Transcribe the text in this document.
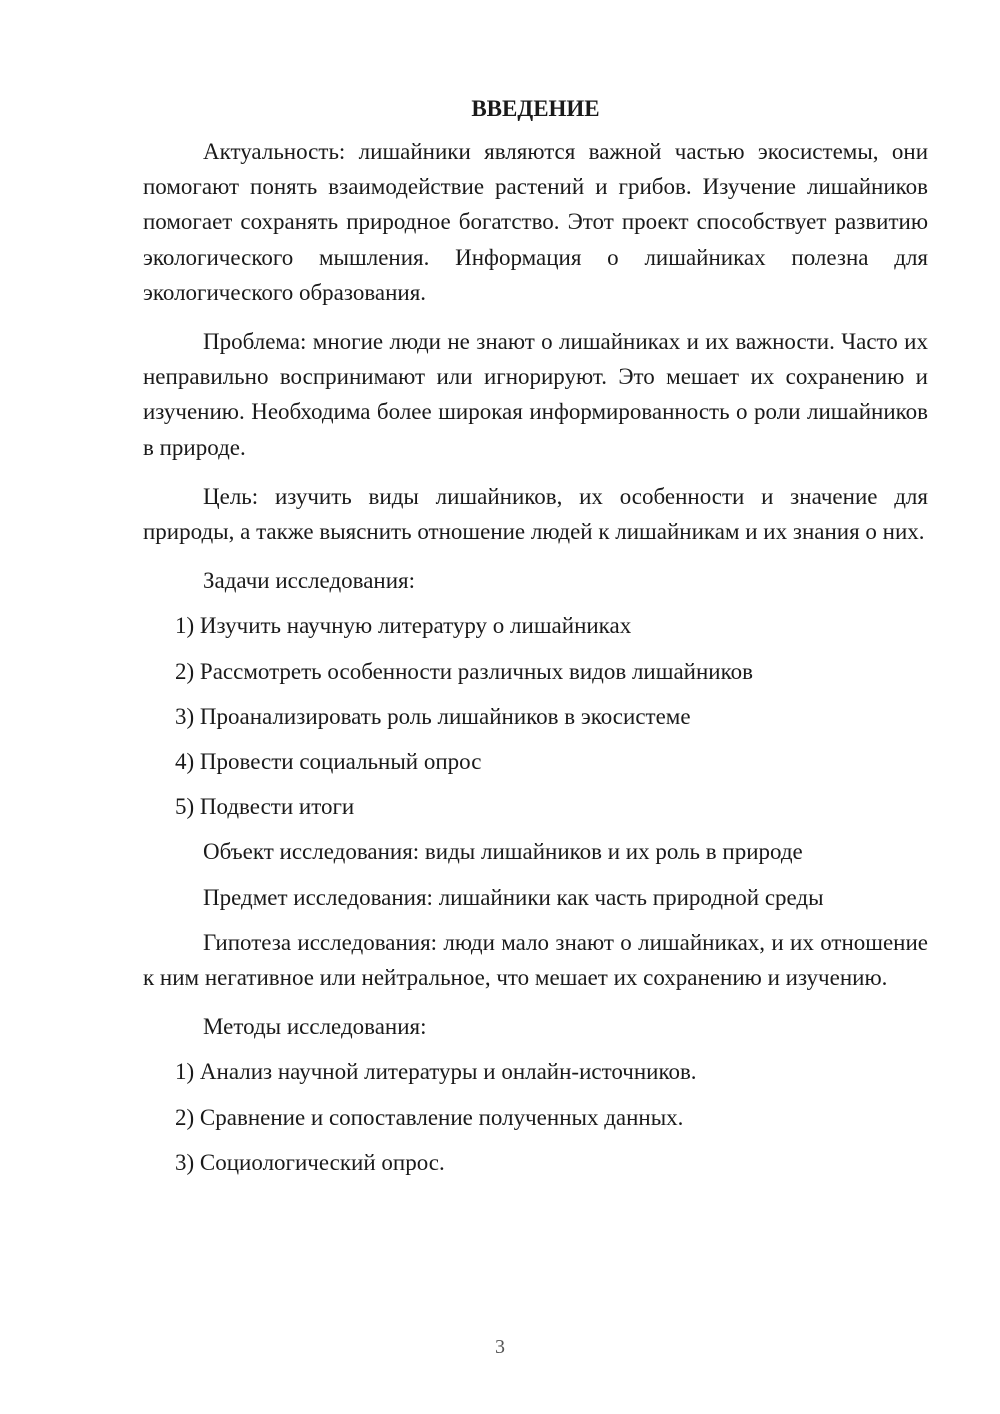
ВВЕДЕНИЕ

Актуальность: лишайники являются важной частью экосистемы, они помогают понять взаимодействие растений и грибов. Изучение лишайников помогает сохранять природное богатство. Этот проект способствует развитию экологического мышления. Информация о лишайниках полезна для экологического образования.

Проблема: многие люди не знают о лишайниках и их важности. Часто их неправильно воспринимают или игнорируют. Это мешает их сохранению и изучению. Необходима более широкая информированность о роли лишайников в природе.

Цель: изучить виды лишайников, их особенности и значение для природы, а также выяснить отношение людей к лишайникам и их знания о них.

Задачи исследования:
1) Изучить научную литературу о лишайниках
2) Рассмотреть особенности различных видов лишайников
3) Проанализировать роль лишайников в экосистеме
4) Провести социальный опрос
5) Подвести итоги
Объект исследования: виды лишайников и их роль в природе
Предмет исследования: лишайники как часть природной среды

Гипотеза исследования: люди мало знают о лишайниках, и их отношение к ним негативное или нейтральное, что мешает их сохранению и изучению.

Методы исследования:
1) Анализ научной литературы и онлайн-источников.
2) Сравнение и сопоставление полученных данных.
3) Социологический опрос.
3
